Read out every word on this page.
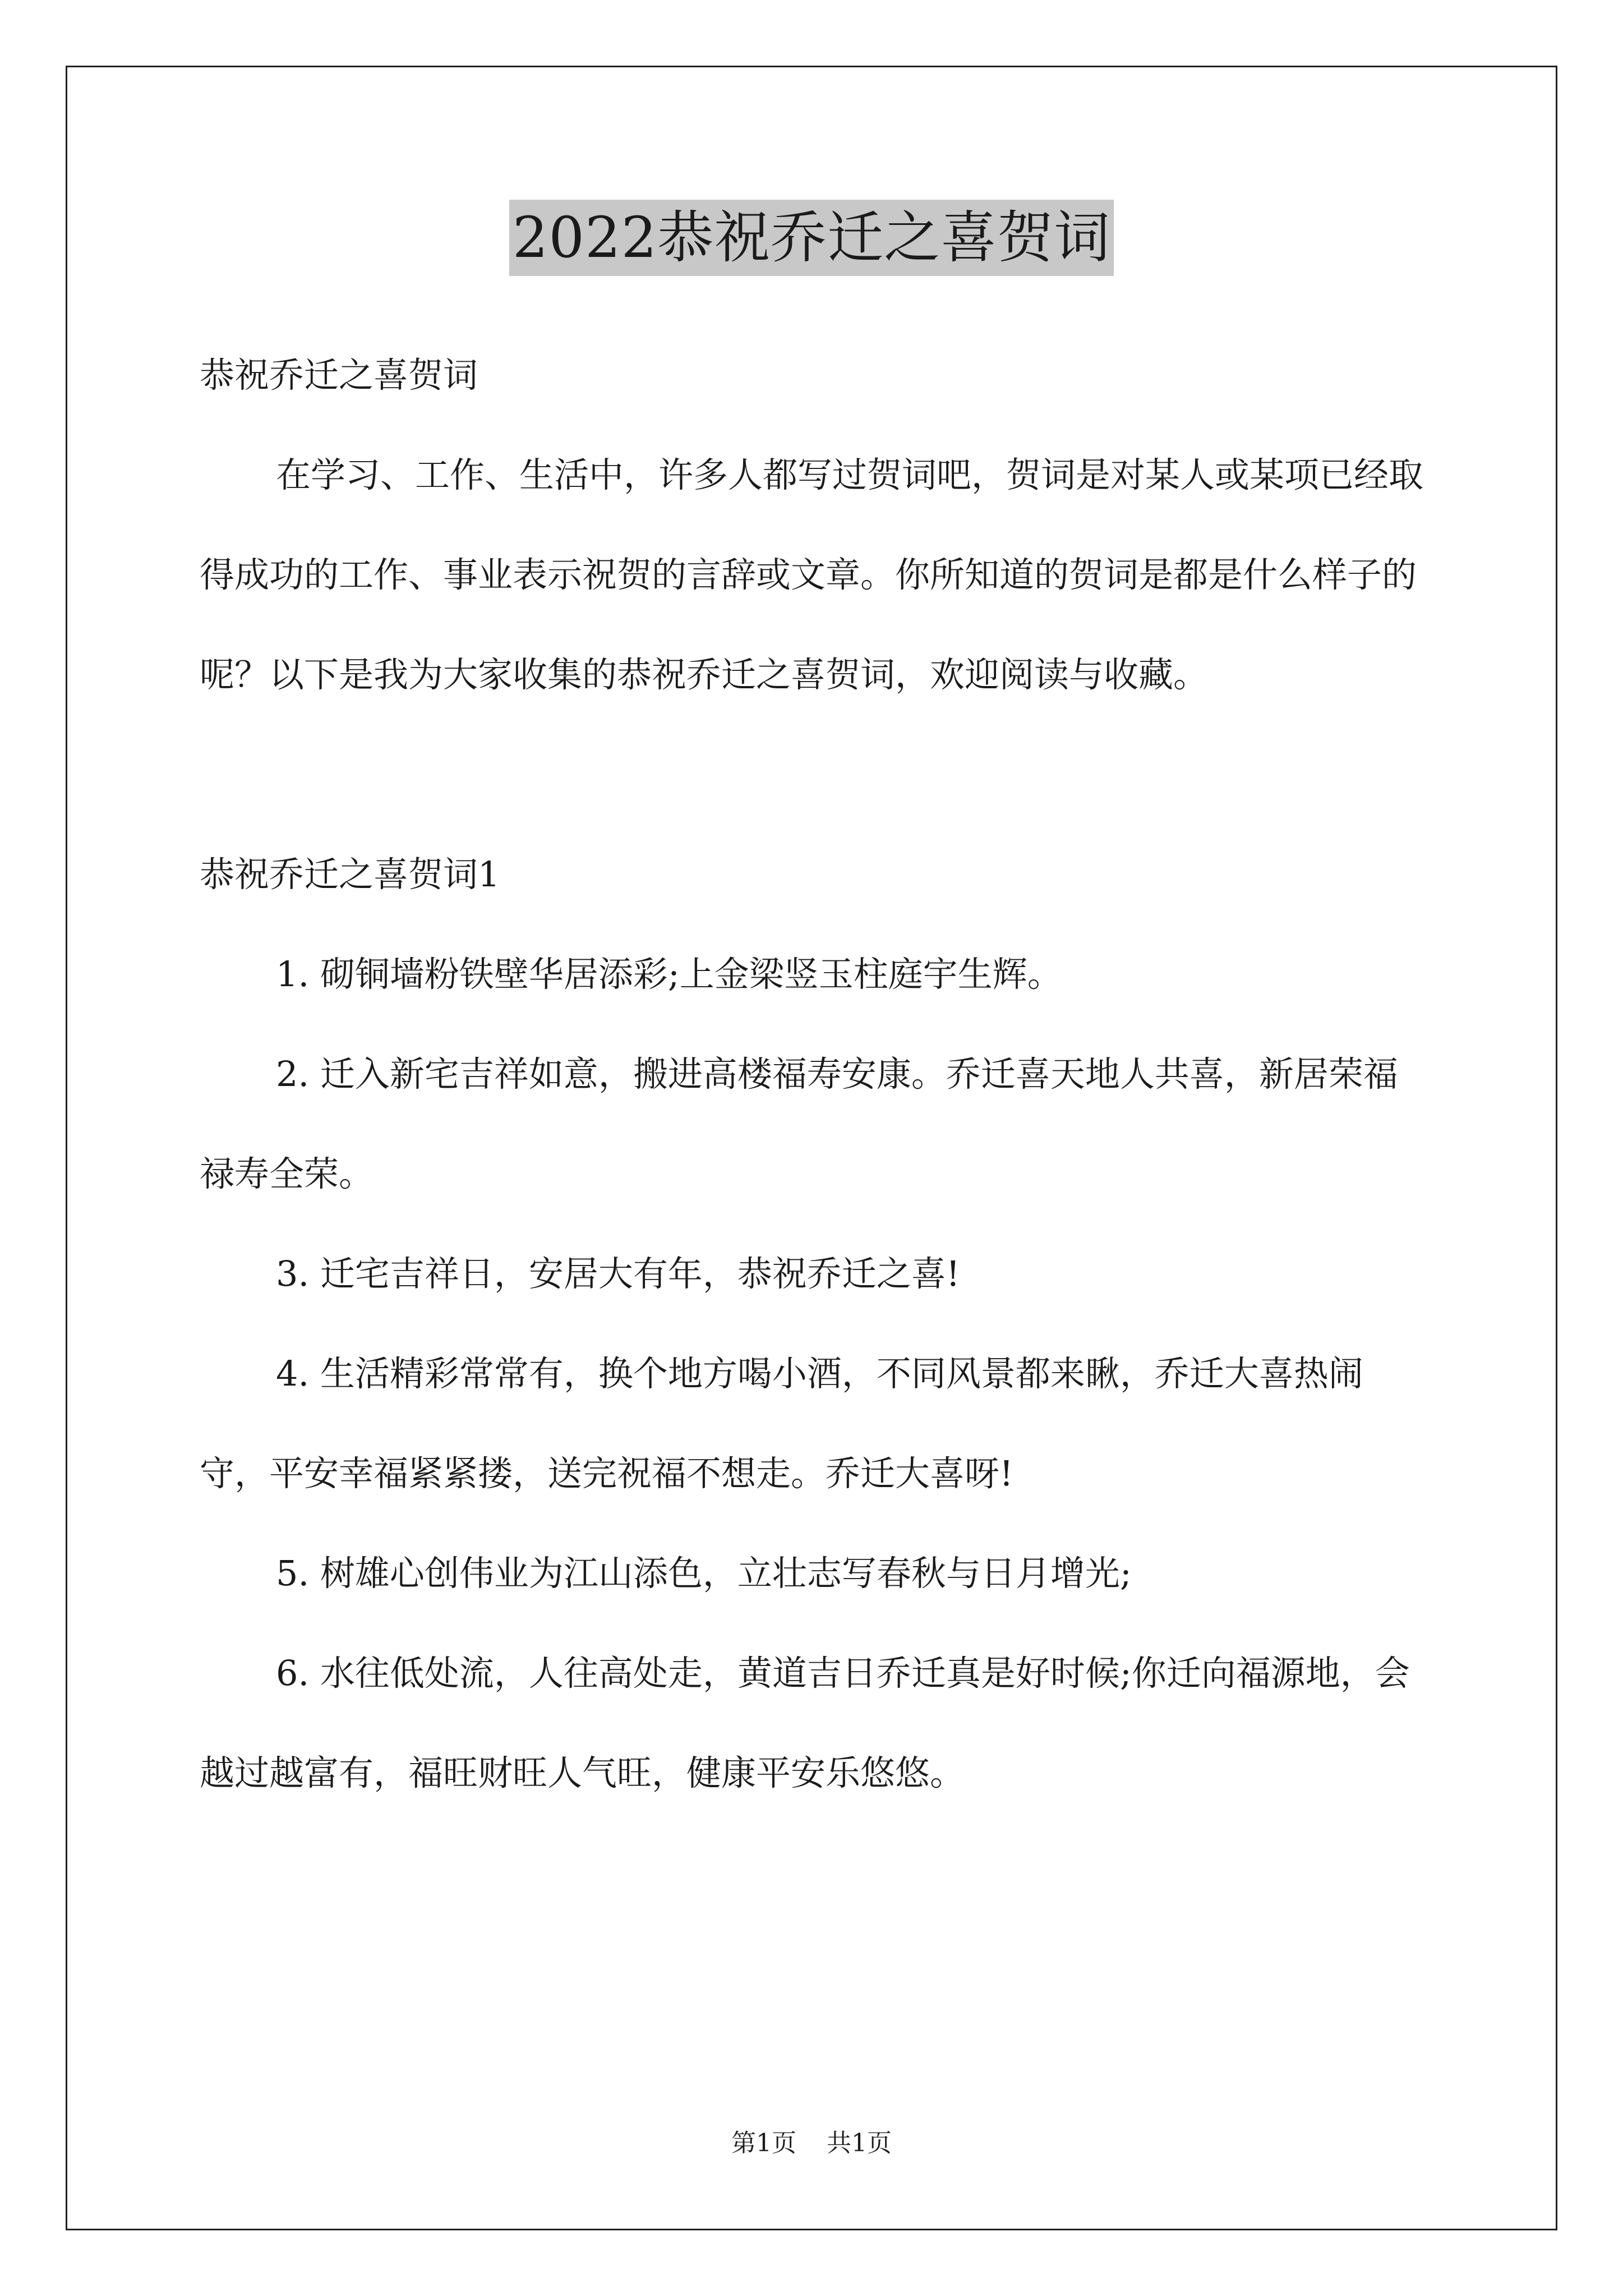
2022恭祝乔迁之喜贺词

恭祝乔迁之喜贺词

在学习、工作、生活中，许多人都写过贺词吧，贺词是对某人或某项已经取得成功的工作、事业表示祝贺的言辞或文章。你所知道的贺词是都是什么样子的呢？以下是我为大家收集的恭祝乔迁之喜贺词，欢迎阅读与收藏。

恭祝乔迁之喜贺词1

1. 砌铜墙粉铁壁华居添彩;上金梁竖玉柱庭宇生辉。

2. 迁入新宅吉祥如意，搬进高楼福寿安康。乔迁喜天地人共喜，新居荣福禄寿全荣。

3. 迁宅吉祥日，安居大有年，恭祝乔迁之喜!

4. 生活精彩常常有，换个地方喝小酒，不同风景都来瞅，乔迁大喜热闹守，平安幸福紧紧搂，送完祝福不想走。乔迁大喜呀!

5. 树雄心创伟业为江山添色，立壮志写春秋与日月增光;

6. 水往低处流，人往高处走，黄道吉日乔迁真是好时候;你迁向福源地，会越过越富有，福旺财旺人气旺，健康平安乐悠悠。

第1页 共1页
